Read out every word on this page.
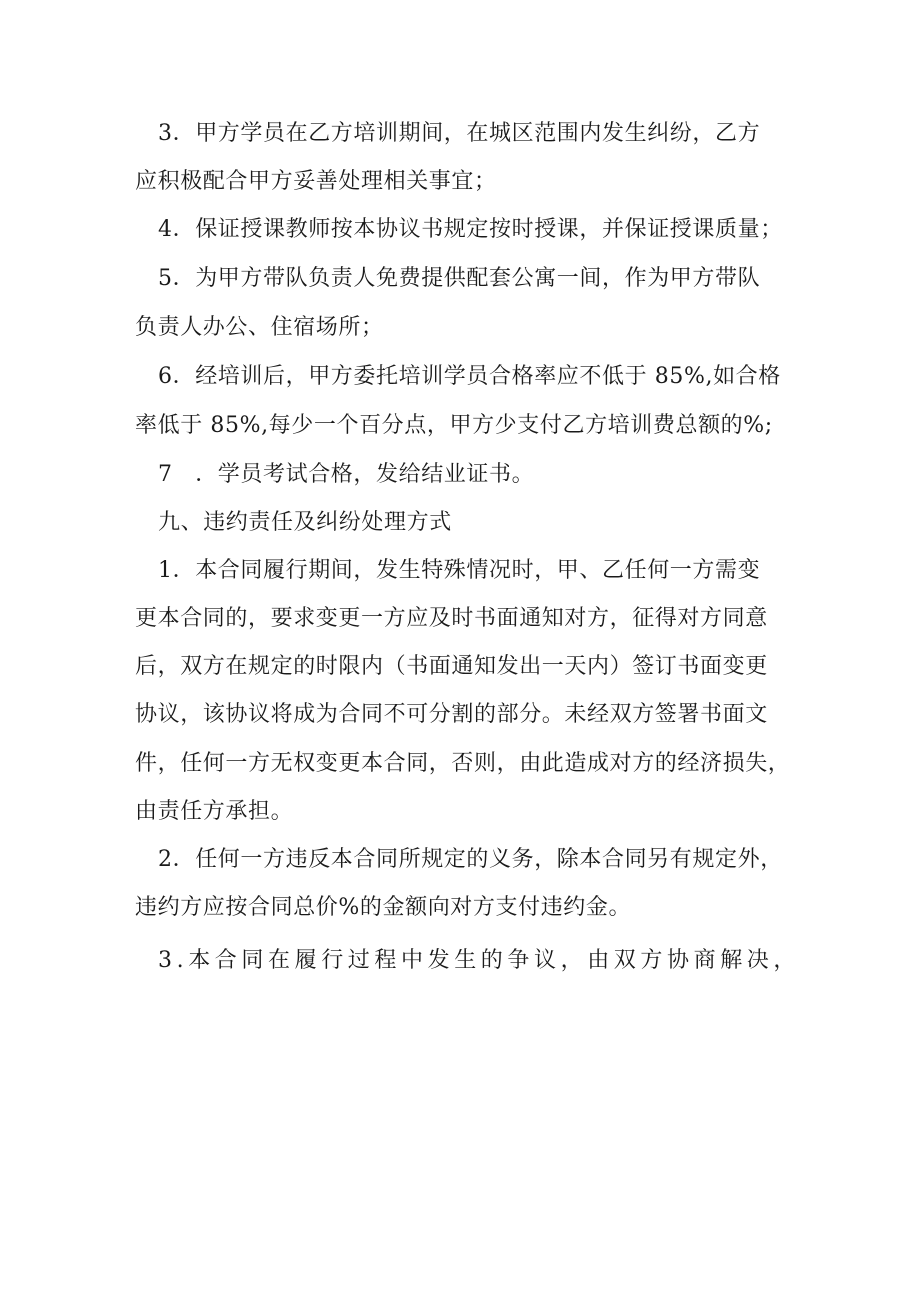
3．甲方学员在乙方培训期间，在城区范围内发生纠纷，乙方
应积极配合甲方妥善处理相关事宜；
4．保证授课教师按本协议书规定按时授课，并保证授课质量；
5．为甲方带队负责人免费提供配套公寓一间，作为甲方带队
负责人办公、住宿场所；
6．经培训后，甲方委托培训学员合格率应不低于 85%,如合格
率低于 85%,每少一个百分点，甲方少支付乙方培训费总额的%;
7　．学员考试合格，发给结业证书。
九、违约责任及纠纷处理方式
1．本合同履行期间，发生特殊情况时，甲、乙任何一方需变
更本合同的，要求变更一方应及时书面通知对方，征得对方同意
后，双方在规定的时限内（书面通知发出一天内）签订书面变更
协议，该协议将成为合同不可分割的部分。未经双方签署书面文
件，任何一方无权变更本合同，否则，由此造成对方的经济损失，
由责任方承担。
2．任何一方违反本合同所规定的义务，除本合同另有规定外，
违约方应按合同总价%的金额向对方支付违约金。
3.本合同在履行过程中发生的争议，由双方协商解决，
